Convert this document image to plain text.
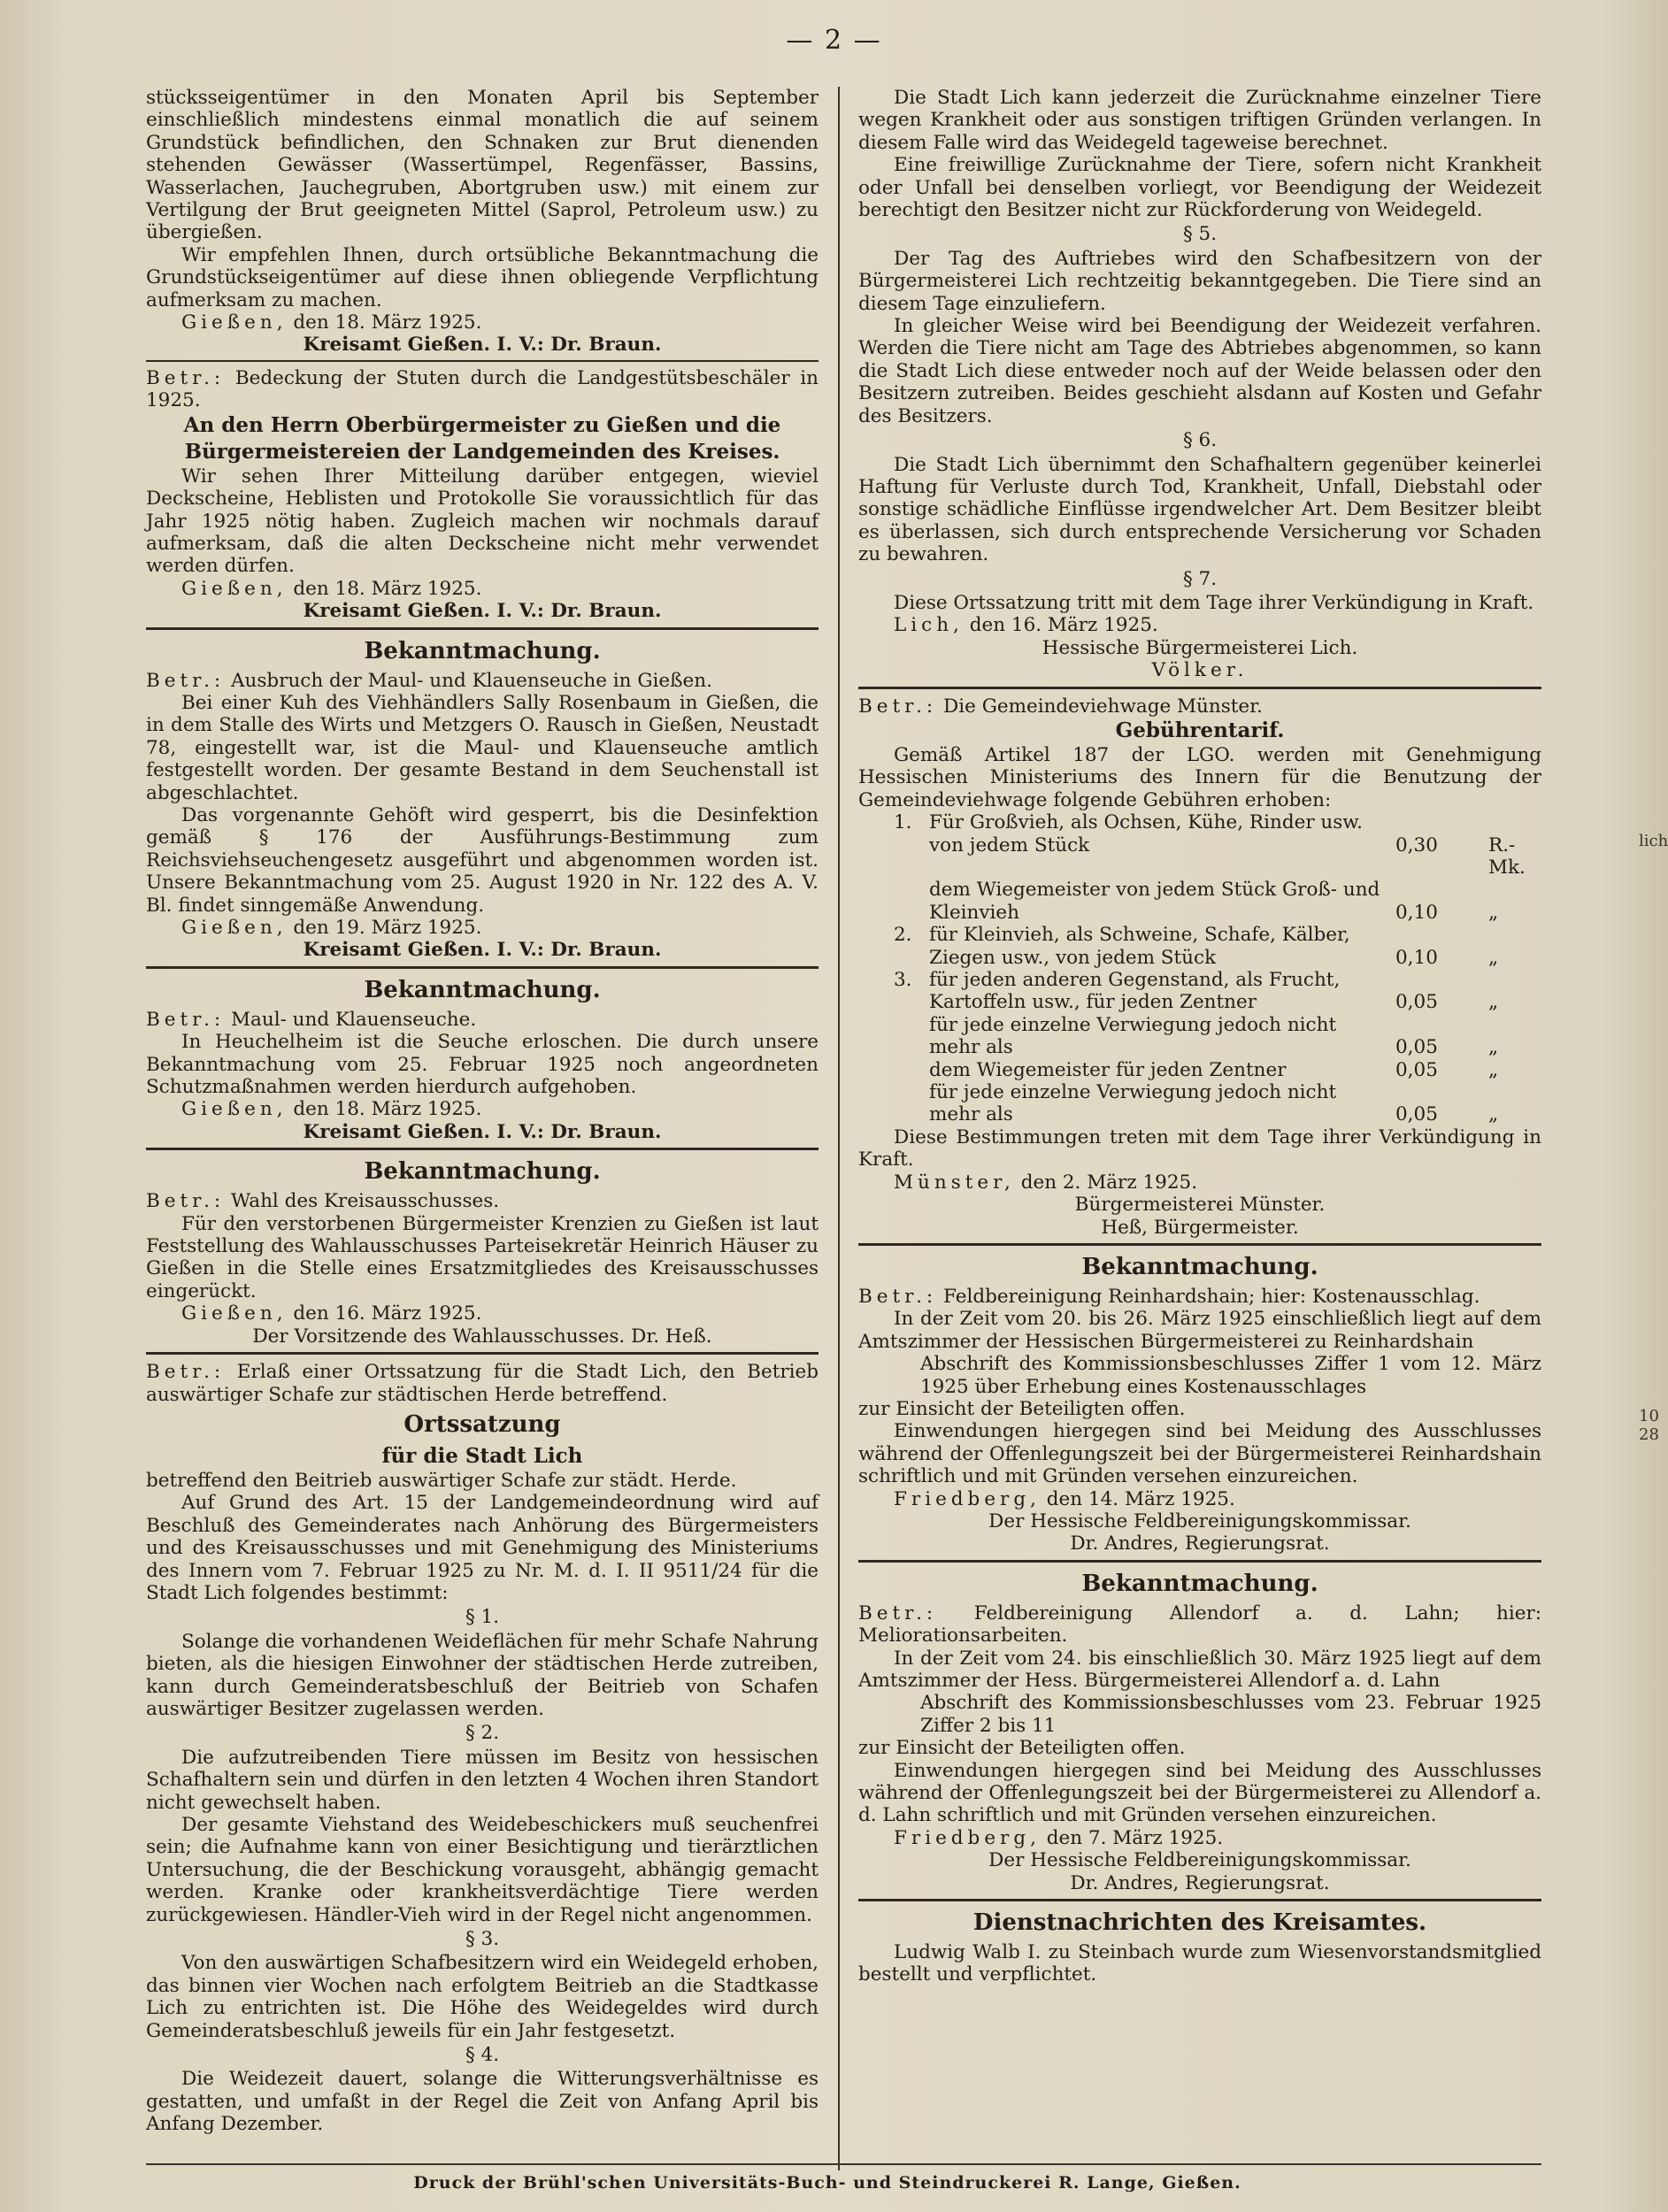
— 2 —

stücksseigentümer in den Monaten April bis September einschließlich mindestens einmal monatlich die auf seinem Grundstück befindlichen, den Schnaken zur Brut dienenden stehenden Gewässer (Wassertümpel, Regenfässer, Bassins, Wasserlachen, Jauchegruben, Abortgruben usw.) mit einem zur Vertilgung der Brut geeigneten Mittel (Saprol, Petroleum usw.) zu übergießen.

Wir empfehlen Ihnen, durch ortsübliche Bekanntmachung die Grundstückseigentümer auf diese ihnen obliegende Verpflichtung aufmerksam zu machen.

Gießen, den 18. März 1925.

Kreisamt Gießen. I. V.: Dr. Braun.

Betr.: Bedeckung der Stuten durch die Landgestütsbeschäler in 1925.

An den Herrn Oberbürgermeister zu Gießen und die Bürgermeistereien der Landgemeinden des Kreises.

Wir sehen Ihrer Mitteilung darüber entgegen, wieviel Deckscheine, Heblisten und Protokolle Sie voraussichtlich für das Jahr 1925 nötig haben. Zugleich machen wir nochmals darauf aufmerksam, daß die alten Deckscheine nicht mehr verwendet werden dürfen.

Gießen, den 18. März 1925.

Kreisamt Gießen. I. V.: Dr. Braun.

Bekanntmachung.

Betr.: Ausbruch der Maul- und Klauenseuche in Gießen.

Bei einer Kuh des Viehhändlers Sally Rosenbaum in Gießen, die in dem Stalle des Wirts und Metzgers O. Rausch in Gießen, Neustadt 78, eingestellt war, ist die Maul- und Klauenseuche amtlich festgestellt worden. Der gesamte Bestand in dem Seuchenstall ist abgeschlachtet.

Das vorgenannte Gehöft wird gesperrt, bis die Desinfektion gemäß § 176 der Ausführungs-Bestimmung zum Reichsviehseuchengesetz ausgeführt und abgenommen worden ist. Unsere Bekanntmachung vom 25. August 1920 in Nr. 122 des A. V. Bl. findet sinngemäße Anwendung.

Gießen, den 19. März 1925.

Kreisamt Gießen. I. V.: Dr. Braun.

Bekanntmachung.

Betr.: Maul- und Klauenseuche.

In Heuchelheim ist die Seuche erloschen. Die durch unsere Bekanntmachung vom 25. Februar 1925 noch angeordneten Schutzmaßnahmen werden hierdurch aufgehoben.

Gießen, den 18. März 1925.

Kreisamt Gießen. I. V.: Dr. Braun.

Bekanntmachung.

Betr.: Wahl des Kreisausschusses.

Für den verstorbenen Bürgermeister Krenzien zu Gießen ist laut Feststellung des Wahlausschusses Parteisekretär Heinrich Häuser zu Gießen in die Stelle eines Ersatzmitgliedes des Kreisausschusses eingerückt.

Gießen, den 16. März 1925.

Der Vorsitzende des Wahlausschusses. Dr. Heß.

Betr.: Erlaß einer Ortssatzung für die Stadt Lich, den Betrieb auswärtiger Schafe zur städtischen Herde betreffend.

Ortssatzung

für die Stadt Lich

betreffend den Beitrieb auswärtiger Schafe zur städt. Herde.

Auf Grund des Art. 15 der Landgemeindeordnung wird auf Beschluß des Gemeinderates nach Anhörung des Bürgermeisters und des Kreisausschusses und mit Genehmigung des Ministeriums des Innern vom 7. Februar 1925 zu Nr. M. d. I. II 9511/24 für die Stadt Lich folgendes bestimmt:

§ 1.

Solange die vorhandenen Weideflächen für mehr Schafe Nahrung bieten, als die hiesigen Einwohner der städtischen Herde zutreiben, kann durch Gemeinderatsbeschluß der Beitrieb von Schafen auswärtiger Besitzer zugelassen werden.

§ 2.

Die aufzutreibenden Tiere müssen im Besitz von hessischen Schafhaltern sein und dürfen in den letzten 4 Wochen ihren Standort nicht gewechselt haben.

Der gesamte Viehstand des Weidebeschickers muß seuchenfrei sein; die Aufnahme kann von einer Besichtigung und tierärztlichen Untersuchung, die der Beschickung vorausgeht, abhängig gemacht werden. Kranke oder krankheitsverdächtige Tiere werden zurückgewiesen. Händler-Vieh wird in der Regel nicht angenommen.

§ 3.

Von den auswärtigen Schafbesitzern wird ein Weidegeld erhoben, das binnen vier Wochen nach erfolgtem Beitrieb an die Stadtkasse Lich zu entrichten ist. Die Höhe des Weidegeldes wird durch Gemeinderatsbeschluß jeweils für ein Jahr festgesetzt.

§ 4.

Die Weidezeit dauert, solange die Witterungsverhältnisse es gestatten, und umfaßt in der Regel die Zeit von Anfang April bis Anfang Dezember.

Die Stadt Lich kann jederzeit die Zurücknahme einzelner Tiere wegen Krankheit oder aus sonstigen triftigen Gründen verlangen. In diesem Falle wird das Weidegeld tageweise berechnet.

Eine freiwillige Zurücknahme der Tiere, sofern nicht Krankheit oder Unfall bei denselben vorliegt, vor Beendigung der Weidezeit berechtigt den Besitzer nicht zur Rückforderung von Weidegeld.

§ 5.

Der Tag des Auftriebes wird den Schafbesitzern von der Bürgermeisterei Lich rechtzeitig bekanntgegeben. Die Tiere sind an diesem Tage einzuliefern.

In gleicher Weise wird bei Beendigung der Weidezeit verfahren. Werden die Tiere nicht am Tage des Abtriebes abgenommen, so kann die Stadt Lich diese entweder noch auf der Weide belassen oder den Besitzern zutreiben. Beides geschieht alsdann auf Kosten und Gefahr des Besitzers.

§ 6.

Die Stadt Lich übernimmt den Schafhaltern gegenüber keinerlei Haftung für Verluste durch Tod, Krankheit, Unfall, Diebstahl oder sonstige schädliche Einflüsse irgendwelcher Art. Dem Besitzer bleibt es überlassen, sich durch entsprechende Versicherung vor Schaden zu bewahren.

§ 7.

Diese Ortssatzung tritt mit dem Tage ihrer Verkündigung in Kraft.

Lich, den 16. März 1925.

Hessische Bürgermeisterei Lich.

Völker.

Betr.: Die Gemeindeviehwage Münster.

Gebührentarif.

Gemäß Artikel 187 der LGO. werden mit Genehmigung Hessischen Ministeriums des Innern für die Benutzung der Gemeindeviehwage folgende Gebühren erhoben:

1. Für Großvieh, als Ochsen, Kühe, Rinder usw.
von jedem Stück	0,30	R.-Mk.
dem Wiegemeister von jedem Stück Groß- und Kleinvieh	0,10	„
2. für Kleinvieh, als Schweine, Schafe, Kälber,
Ziegen usw., von jedem Stück	0,10	„
3. für jeden anderen Gegenstand, als Frucht,
Kartoffeln usw., für jeden Zentner	0,05	„
für jede einzelne Verwiegung jedoch nicht
mehr als	0,05	„
dem Wiegemeister für jeden Zentner	0,05	„
für jede einzelne Verwiegung jedoch nicht
mehr als	0,05	„

Diese Bestimmungen treten mit dem Tage ihrer Verkündigung in Kraft.

Münster, den 2. März 1925.

Bürgermeisterei Münster.

Heß, Bürgermeister.

Bekanntmachung.

Betr.: Feldbereinigung Reinhardshain; hier: Kostenausschlag.

In der Zeit vom 20. bis 26. März 1925 einschließlich liegt auf dem Amtszimmer der Hessischen Bürgermeisterei zu Reinhardshain

Abschrift des Kommissionsbeschlusses Ziffer 1 vom 12. März 1925 über Erhebung eines Kostenausschlages

zur Einsicht der Beteiligten offen.

Einwendungen hiergegen sind bei Meidung des Ausschlusses während der Offenlegungszeit bei der Bürgermeisterei Reinhardshain schriftlich und mit Gründen versehen einzureichen.

Friedberg, den 14. März 1925.

Der Hessische Feldbereinigungskommissar.

Dr. Andres, Regierungsrat.

Bekanntmachung.

Betr.: Feldbereinigung Allendorf a. d. Lahn; hier: Meliorationsarbeiten.

In der Zeit vom 24. bis einschließlich 30. März 1925 liegt auf dem Amtszimmer der Hess. Bürgermeisterei Allendorf a. d. Lahn

Abschrift des Kommissionsbeschlusses vom 23. Februar 1925 Ziffer 2 bis 11

zur Einsicht der Beteiligten offen.

Einwendungen hiergegen sind bei Meidung des Ausschlusses während der Offenlegungszeit bei der Bürgermeisterei zu Allendorf a. d. Lahn schriftlich und mit Gründen versehen einzureichen.

Friedberg, den 7. März 1925.

Der Hessische Feldbereinigungskommissar.

Dr. Andres, Regierungsrat.

Dienstnachrichten des Kreisamtes.

Ludwig Walb I. zu Steinbach wurde zum Wiesenvorstandsmitglied bestellt und verpflichtet.

Druck der Brühl'schen Universitäts-Buch- und Steindruckerei R. Lange, Gießen.
lich
10 28
